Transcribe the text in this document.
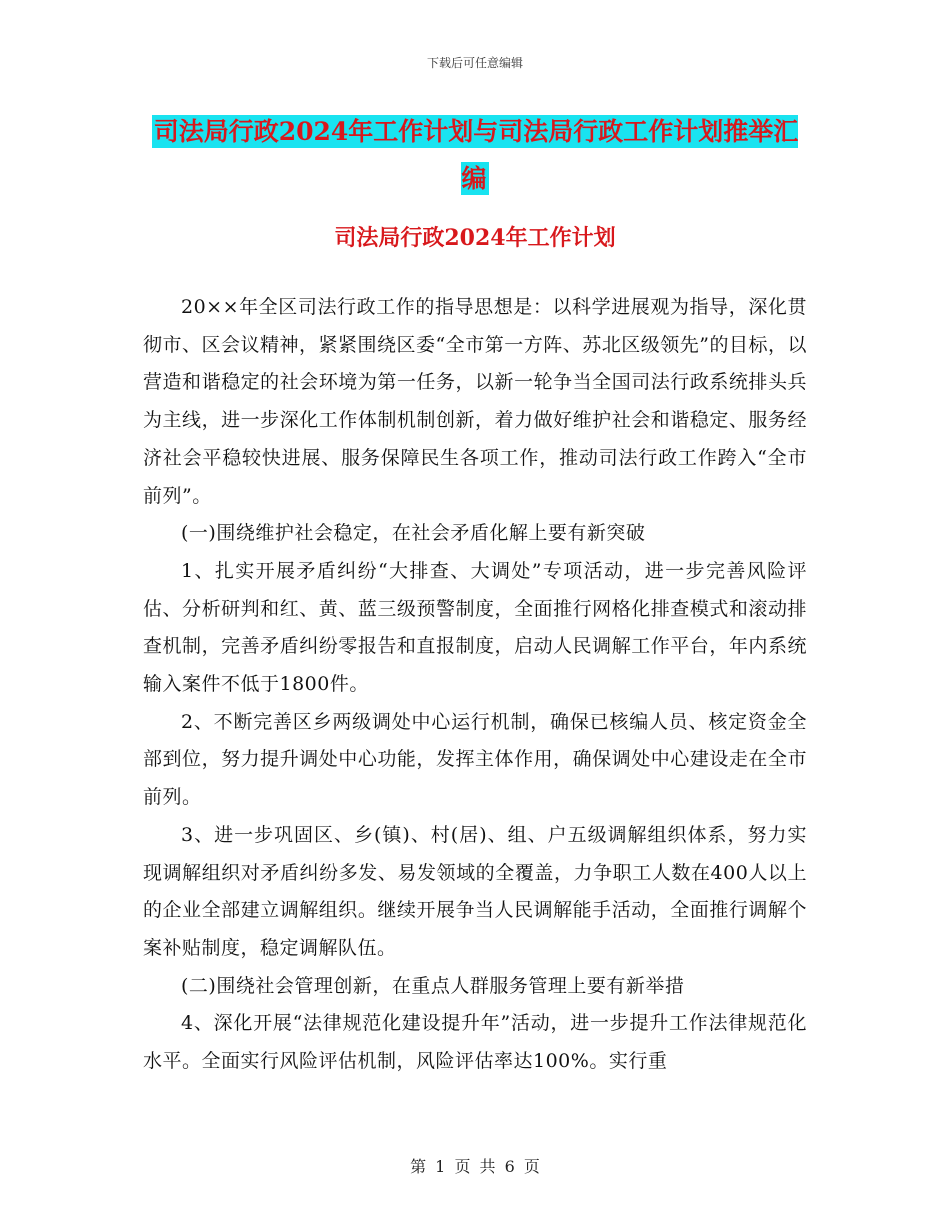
下载后可任意编辑
司法局行政2024年工作计划与司法局行政工作计划推举汇编
司法局行政2024年工作计划

20××年全区司法行政工作的指导思想是：以科学进展观为指导，深化贯彻市、区会议精神，紧紧围绕区委“全市第一方阵、苏北区级领先”的目标，以营造和谐稳定的社会环境为第一任务，以新一轮争当全国司法行政系统排头兵为主线，进一步深化工作体制机制创新，着力做好维护社会和谐稳定、服务经济社会平稳较快进展、服务保障民生各项工作，推动司法行政工作跨入“全市前列”。

(一)围绕维护社会稳定，在社会矛盾化解上要有新突破

1、扎实开展矛盾纠纷“大排查、大调处”专项活动，进一步完善风险评估、分析研判和红、黄、蓝三级预警制度，全面推行网格化排查模式和滚动排查机制，完善矛盾纠纷零报告和直报制度，启动人民调解工作平台，年内系统输入案件不低于1800件。

2、不断完善区乡两级调处中心运行机制，确保已核编人员、核定资金全部到位，努力提升调处中心功能，发挥主体作用，确保调处中心建设走在全市前列。

3、进一步巩固区、乡(镇)、村(居)、组、户五级调解组织体系，努力实现调解组织对矛盾纠纷多发、易发领域的全覆盖，力争职工人数在400人以上的企业全部建立调解组织。继续开展争当人民调解能手活动，全面推行调解个案补贴制度，稳定调解队伍。

(二)围绕社会管理创新，在重点人群服务管理上要有新举措

4、深化开展“法律规范化建设提升年”活动，进一步提升工作法律规范化水平。全面实行风险评估机制，风险评估率达100%。实行重

第 1 页 共 6 页
